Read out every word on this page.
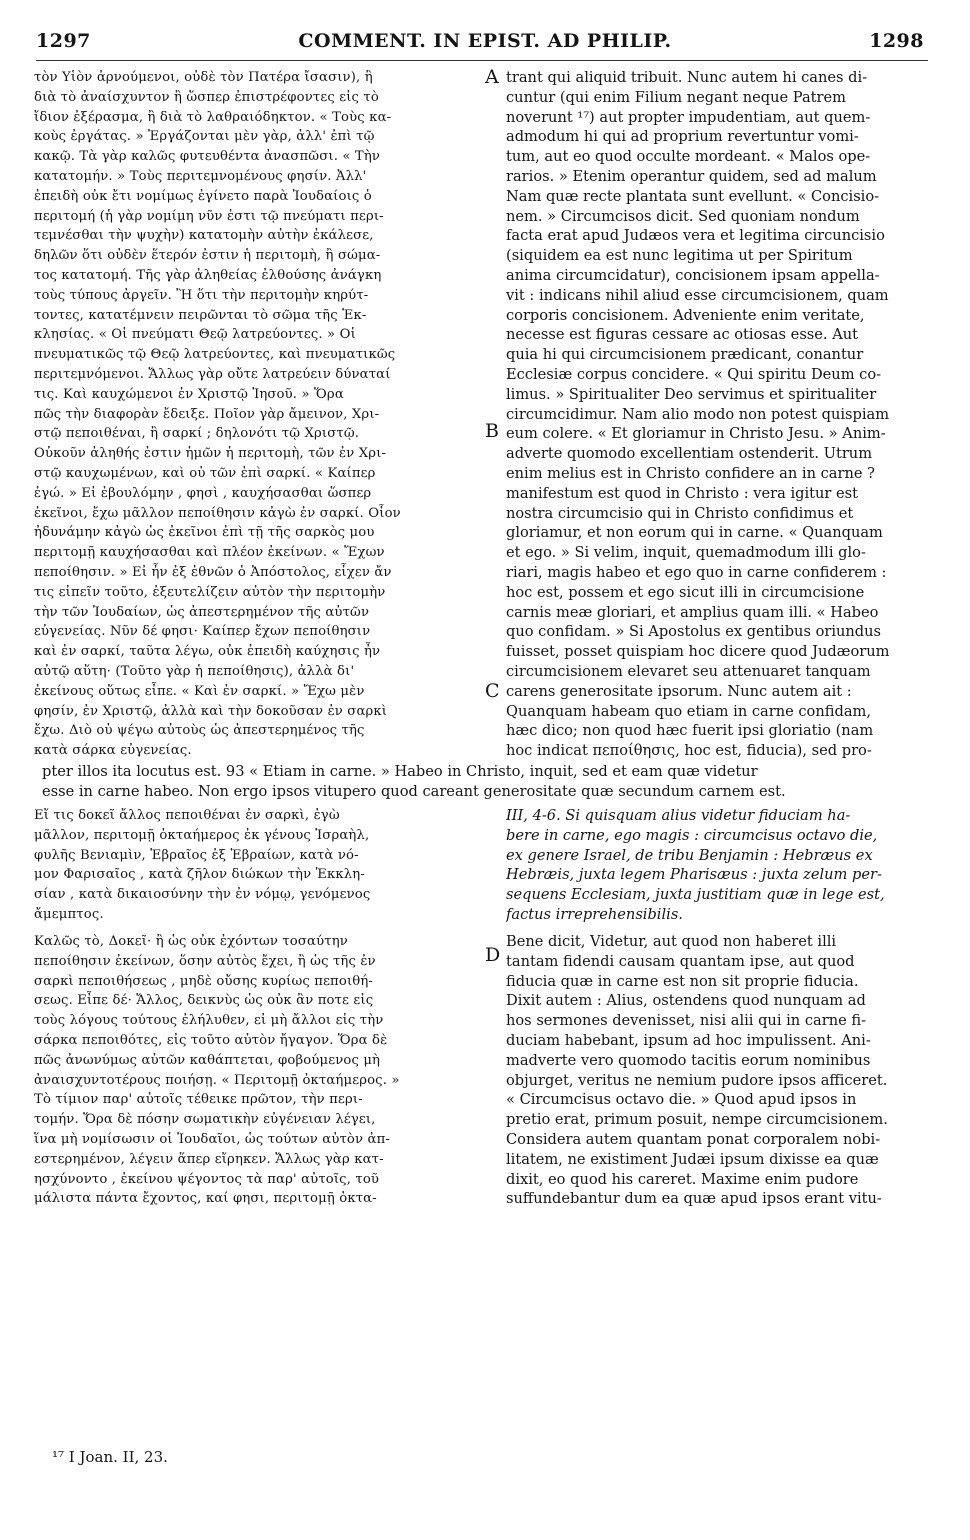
1297	COMMENT. IN EPIST. AD PHILIP.	1298
τὸν Υἱὸν ἀρνούμενοι, οὐδὲ τὸν Πατέρα ἴσασιν), ἢ
διὰ τὸ ἀναίσχυντον ἢ ὥσπερ ἐπιστρέφοντες εἰς τὸ
ἴδιον ἐξέρασμα, ἢ διὰ τὸ λαθραιόδηκτον. « Τοὺς κα-
κοὺς ἐργάτας. » Ἐργάζονται μὲν γὰρ, ἀλλ' ἐπὶ τῷ
κακῷ. Τὰ γὰρ καλῶς φυτευθέντα ἀνασπῶσι. « Τὴν
κατατομήν. » Τοὺς περιτεμνομένους φησίν. Ἀλλ'
ἐπειδὴ οὐκ ἔτι νομίμως ἐγίνετο παρὰ Ἰουδαίοις ὁ
περιτομή (ἡ γὰρ νομίμη νῦν ἐστι τῷ πνεύματι περι-
τεμνέσθαι τὴν ψυχὴν) κατατομὴν αὐτὴν ἐκάλεσε,
δηλῶν ὅτι οὐδὲν ἕτερόν ἐστιν ἡ περιτομὴ, ἢ σώμα-
τος κατατομή. Τῆς γὰρ ἀληθείας ἐλθούσης ἀνάγκη
τοὺς τύπους ἀργεῖν. Ἢ ὅτι τὴν περιτομὴν κηρύτ-
τοντες, κατατέμνειν πειρῶνται τὸ σῶμα τῆς Ἐκ-
κλησίας. « Οἱ πνεύματι Θεῷ λατρεύοντες. » Οἱ
πνευματικῶς τῷ Θεῷ λατρεύοντες, καὶ πνευματικῶς
περιτεμνόμενοι. Ἄλλως γὰρ οὔτε λατρεύειν δύναταί
τις. Καὶ καυχώμενοι ἐν Χριστῷ Ἰησοῦ. » Ὅρα
πῶς τὴν διαφορὰν ἔδειξε. Ποῖον γὰρ ἄμεινον, Χρι-
στῷ πεποιθέναι, ἢ σαρκί ; δηλονότι τῷ Χριστῷ.
Οὐκοῦν ἀληθής ἐστιν ἡμῶν ἡ περιτομὴ, τῶν ἐν Χρι-
στῷ καυχωμένων, καὶ οὐ τῶν ἐπὶ σαρκί. « Καίπερ
ἐγώ. » Εἰ ἐβουλόμην , φησὶ , καυχήσασθαι ὥσπερ
ἐκεῖνοι, ἔχω μᾶλλον πεποίθησιν κἀγὼ ἐν σαρκί. Οἷον
ἠδυνάμην κἀγὼ ὡς ἐκεῖνοι ἐπὶ τῇ τῆς σαρκὸς μου
περιτομῇ καυχήσασθαι καὶ πλέον ἐκείνων. « Ἔχων
πεποίθησιν. » Εἰ ἦν ἐξ ἐθνῶν ὁ Ἀπόστολος, εἶχεν ἄν
τις εἰπεῖν τοῦτο, ἐξευτελίζειν αὐτὸν τὴν περιτομὴν
τὴν τῶν Ἰουδαίων, ὡς ἀπεστερημένον τῆς αὐτῶν
εὐγενείας. Νῦν δέ φησι· Καίπερ ἔχων πεποίθησιν
καὶ ἐν σαρκί, ταῦτα λέγω, οὐκ ἐπειδὴ καύχησις ἦν
αὐτῷ αὕτη· (Τοῦτο γὰρ ἡ πεποίθησις), ἀλλὰ δι'
ἐκείνους οὕτως εἶπε. « Καὶ ἐν σαρκί. » Ἔχω μὲν
φησίν, ἐν Χριστῷ, ἀλλὰ καὶ τὴν δοκοῦσαν ἐν σαρκὶ
ἔχω. Διὸ οὐ ψέγω αὐτοὺς ὡς ἀπεστερημένος τῆς
κατὰ σάρκα εὐγενείας.
trant qui aliquid tribuit. Nunc autem hi canes di-
cuntur (qui enim Filium negant neque Patrem
noverunt ¹⁷) aut propter impudentiam, aut quem-
admodum hi qui ad proprium revertuntur vomi-
tum, aut eo quod occulte mordeant. « Malos ope-
rarios. » Etenim operantur quidem, sed ad malum
Nam quæ recte plantata sunt evellunt. « Concisio-
nem. » Circumcisos dicit. Sed quoniam nondum
facta erat apud Judæos vera et legitima circuncisio
(siquidem ea est nunc legitima ut per Spiritum
anima circumcidatur), concisionem ipsam appella-
vit : indicans nihil aliud esse circumcisionem, quam
corporis concisionem. Adveniente enim veritate,
necesse est figuras cessare ac otiosas esse. Aut
quia hi qui circumcisionem prædicant, conantur
Ecclesiæ corpus concidere. « Qui spiritu Deum co-
limus. » Spiritualiter Deo servimus et spiritualiter
circumcidimur. Nam alio modo non potest quispiam
eum colere. « Et gloriamur in Christo Jesu. » Anim-
adverte quomodo excellentiam ostenderit. Utrum
enim melius est in Christo confidere an in carne ?
manifestum est quod in Christo : vera igitur est
nostra circumcisio qui in Christo confidimus et
gloriamur, et non eorum qui in carne. « Quanquam
et ego. » Si velim, inquit, quemadmodum illi glo-
riari, magis habeo et ego quo in carne confiderem :
hoc est, possem et ego sicut illi in circumcisione
carnis meæ gloriari, et amplius quam illi. « Habeo
quo confidam. » Si Apostolus ex gentibus oriundus
fuisset, posset quispiam hoc dicere quod Judæorum
circumcisionem elevaret seu attenuaret tanquam
carens generositate ipsorum. Nunc autem ait :
Quanquam habeam quo etiam in carne confidam,
hæc dico; non quod hæc fuerit ipsi gloriatio (nam
hoc indicat πεποίθησις, hoc est, fiducia), sed pro-
pter illos ita locutus est. 93 « Etiam in carne. » Habeo in Christo, inquit, sed et eam quæ videtur
esse in carne habeo. Non ergo ipsos vitupero quod careant generositate quæ secundum carnem est.
Εἴ τις δοκεῖ ἄλλος πεποιθέναι ἐν σαρκὶ, ἐγὼ
μᾶλλον, περιτομῇ ὀκταήμερος ἐκ γένους Ἰσραὴλ,
φυλῆς Βενιαμὶν, Ἑβραῖος ἐξ Ἑβραίων, κατὰ νό-
μον Φαρισαῖος , κατὰ ζῆλον διώκων τὴν Ἐκκλη-
σίαν , κατὰ δικαιοσύνην τὴν ἐν νόμῳ, γενόμενος
ἄμεμπτος.
III, 4-6. Si quisquam alius videtur fiduciam ha-
bere in carne, ego magis : circumcisus octavo die,
ex genere Israel, de tribu Benjamin : Hebræus ex
Hebræis, juxta legem Pharisæus : juxta zelum per-
sequens Ecclesiam, juxta justitiam quæ in lege est,
factus irreprehensibilis.
Καλῶς τὸ, Δοκεῖ· ἢ ὡς οὐκ ἐχόντων τοσαύτην
πεποίθησιν ἐκείνων, ὅσην αὐτὸς ἔχει, ἢ ὡς τῆς ἐν
σαρκὶ πεποιθήσεως , μηδὲ οὔσης κυρίως πεποιθή-
σεως. Εἶπε δέ· Ἄλλος, δεικνὺς ὡς οὐκ ἂν ποτε εἰς
τοὺς λόγους τούτους ἐλήλυθεν, εἰ μὴ ἄλλοι εἰς τὴν
σάρκα πεποιθότες, εἰς τοῦτο αὐτὸν ἤγαγον. Ὅρα δὲ
πῶς ἀνωνύμως αὐτῶν καθάπτεται, φοβούμενος μὴ
ἀναισχυντοτέρους ποιήσῃ. « Περιτομῇ ὀκταήμερος. »
Τὸ τίμιον παρ' αὐτοῖς τέθεικε πρῶτον, τὴν περι-
τομήν. Ὅρα δὲ πόσην σωματικὴν εὐγένειαν λέγει,
ἵνα μὴ νομίσωσιν οἱ Ἰουδαῖοι, ὡς τούτων αὐτὸν ἀπ-
εστερημένον, λέγειν ἅπερ εἴρηκεν. Ἄλλως γὰρ κατ-
ησχύνοντο , ἐκείνου ψέγοντος τὰ παρ' αὐτοῖς, τοῦ
μάλιστα πάντα ἔχοντος, καί φησι, περιτομῇ ὀκτα-
Bene dicit, Videtur, aut quod non haberet illi
tantam fidendi causam quantam ipse, aut quod
fiducia quæ in carne est non sit proprie fiducia.
Dixit autem : Alius, ostendens quod nunquam ad
hos sermones devenisset, nisi alii qui in carne fi-
duciam habebant, ipsum ad hoc impulissent. Ani-
madverte vero quomodo tacitis eorum nominibus
objurget, veritus ne nemium pudore ipsos afficeret.
« Circumcisus octavo die. » Quod apud ipsos in
pretio erat, primum posuit, nempe circumcisionem.
Considera autem quantam ponat corporalem nobi-
litatem, ne existiment Judæi ipsum dixisse ea quæ
dixit, eo quod his careret. Maxime enim pudore
suffundebantur dum ea quæ apud ipsos erant vitu-
A
B
C
D
¹⁷ I Joan. II, 23.
